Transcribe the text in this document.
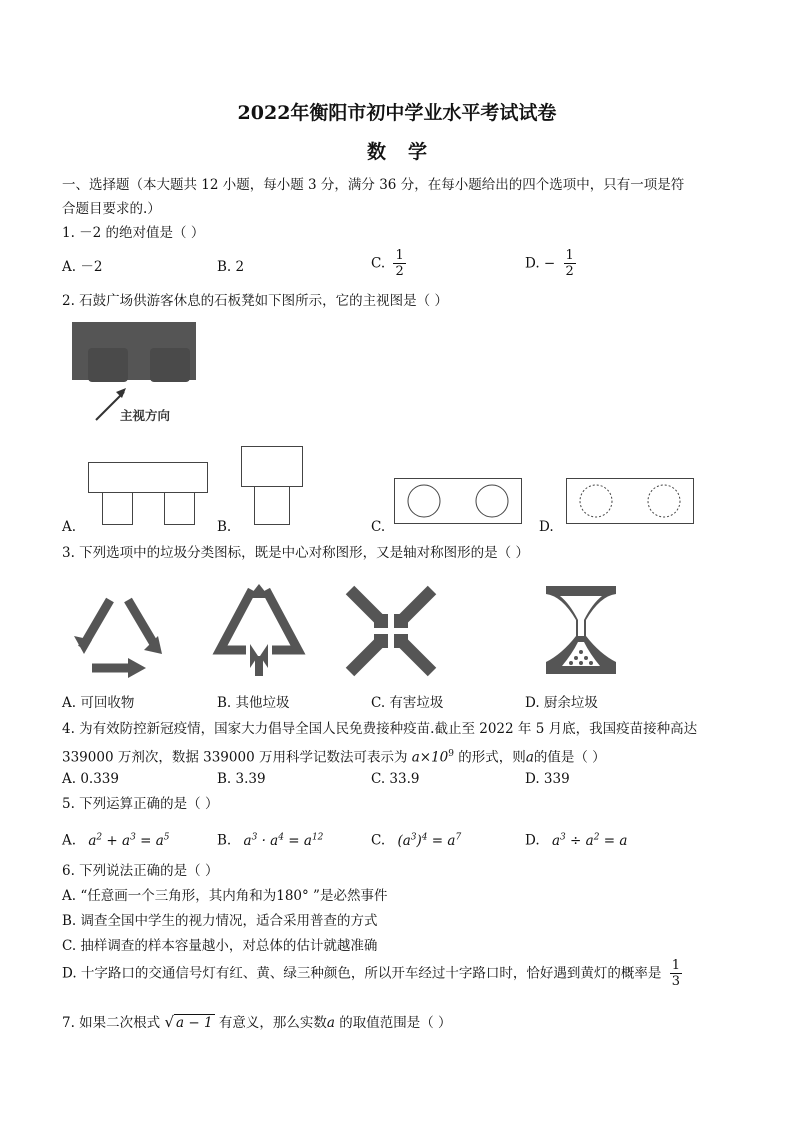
2022年衡阳市初中学业水平考试试卷
数学
一、选择题（本大题共 12 小题，每小题 3 分，满分 36 分，在每小题给出的四个选项中，只有一项是符
合题目要求的.）
1. －2 的绝对值是（ ）
A. －2	B. 2	C. $\frac{1}{2}$	D. − $\frac{1}{2}$
2. 石鼓广场供游客休息的石板凳如下图所示，它的主视图是（ ）
主视方向
A.	B.	C.	D.
3. 下列选项中的垃圾分类图标，既是中心对称图形，又是轴对称图形的是（ ）
A. 可回收物	B. 其他垃圾	C. 有害垃圾	D. 厨余垃圾
4. 为有效防控新冠疫情，国家大力倡导全国人民免费接种疫苗.截止至 2022 年 5 月底，我国疫苗接种高达
339000 万剂次，数据 339000 万用科学记数法可表示为 $a\times 10^9$ 的形式，则a的值是（ ）
A. 0.339	B. 3.39	C. 33.9	D. 339
5. 下列运算正确的是（ ）
A. $a^2 + a^3 = a^5$	B. $a^3 \cdot a^4 = a^{12}$	C. $(a^3)^4 = a^7$	D. $a^3 \div a^2 = a$
6. 下列说法正确的是（ ）
A. “任意画一个三角形，其内角和为180° ”是必然事件
B. 调查全国中学生的视力情况，适合采用普查的方式
C. 抽样调查的样本容量越小，对总体的估计就越准确
D. 十字路口的交通信号灯有红、黄、绿三种颜色，所以开车经过十字路口时，恰好遇到黄灯的概率是 $\frac{1}{3}$
7. 如果二次根式 √ a − 1 有意义，那么实数a 的取值范围是（ ）
